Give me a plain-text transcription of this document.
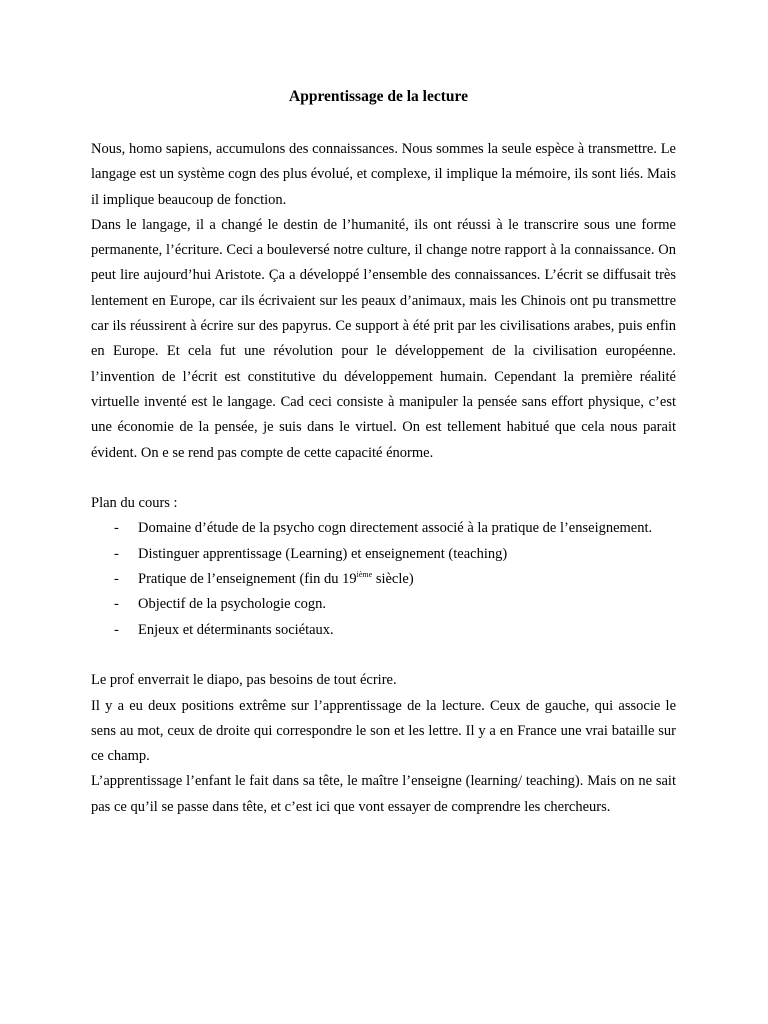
Apprentissage de la lecture

Nous, homo sapiens, accumulons des connaissances. Nous sommes la seule espèce à transmettre. Le langage est un système cogn des plus évolué, et complexe, il implique la mémoire, ils sont liés. Mais il implique beaucoup de fonction.

Dans le langage, il a changé le destin de l’humanité, ils ont réussi à le transcrire sous une forme permanente, l’écriture. Ceci a bouleversé notre culture, il change notre rapport à la connaissance. On peut lire aujourd’hui Aristote. Ça a développé l’ensemble des connaissances. L’écrit se diffusait très lentement en Europe, car ils écrivaient sur les peaux d’animaux, mais les Chinois ont pu transmettre car ils réussirent à écrire sur des papyrus. Ce support à été prit par les civilisations arabes, puis enfin en Europe. Et cela fut une révolution pour le développement de la civilisation européenne. l’invention de l’écrit est constitutive du développement humain. Cependant la première réalité virtuelle inventé est le langage. Cad ceci consiste à manipuler la pensée sans effort physique, c’est une économie de la pensée, je suis dans le virtuel. On est tellement habitué que cela nous parait évident. On e se rend pas compte de cette capacité énorme.

Plan du cours :

- Domaine d’étude de la psycho cogn directement associé à la pratique de l’enseignement.
- Distinguer apprentissage (Learning) et enseignement (teaching)
- Pratique de l’enseignement (fin du 19ième siècle)
- Objectif de la psychologie cogn.
- Enjeux et déterminants sociétaux.

Le prof enverrait le diapo, pas besoins de tout écrire.

Il y a eu deux positions extrême sur l’apprentissage de la lecture. Ceux de gauche, qui associe le sens au mot, ceux de droite qui correspondre le son et les lettre. Il y a en France une vrai bataille sur ce champ.

L’apprentissage l’enfant le fait dans sa tête, le maître l’enseigne (learning/ teaching). Mais on ne sait pas ce qu’il se passe dans tête, et c’est ici que vont essayer de comprendre les chercheurs.
